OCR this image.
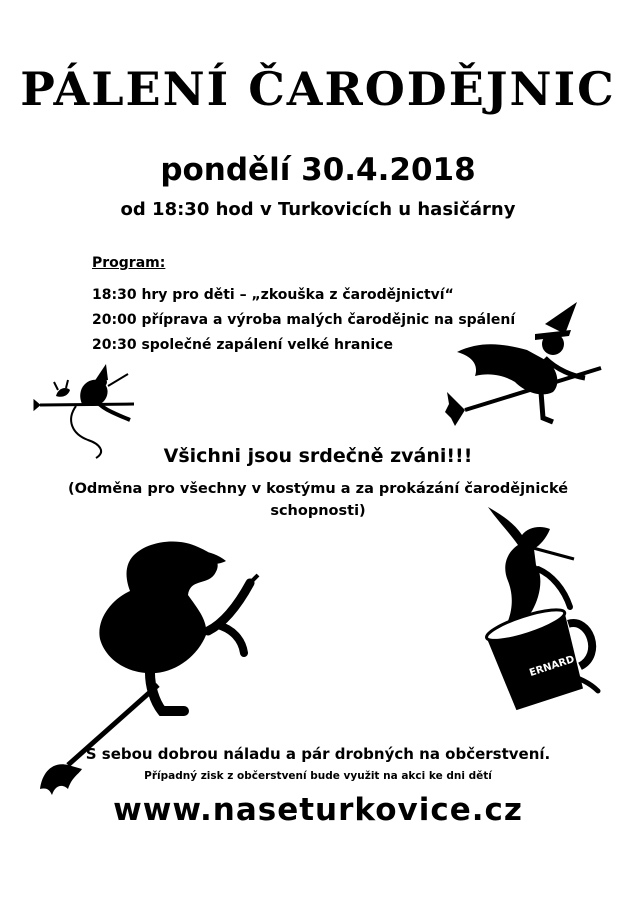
PÁLENÍ ČARODĚJNIC
pondělí 30.4.2018
od 18:30 hod v Turkovicích u hasičárny
Program:
18:30 hry pro děti – „zkouška z čarodějnictví“
20:00 příprava a výroba malých čarodějnic na spálení
20:30 společné zapálení velké hranice
Všichni jsou srdečně zváni!!!
(Odměna pro všechny v kostýmu a za prokázání čarodějnické schopnosti)
S sebou dobrou náladu a pár drobných na občerstvení.
Případný zisk z občerstvení bude využit na akci ke dni dětí
www.naseturkovice.cz
ERNARD
